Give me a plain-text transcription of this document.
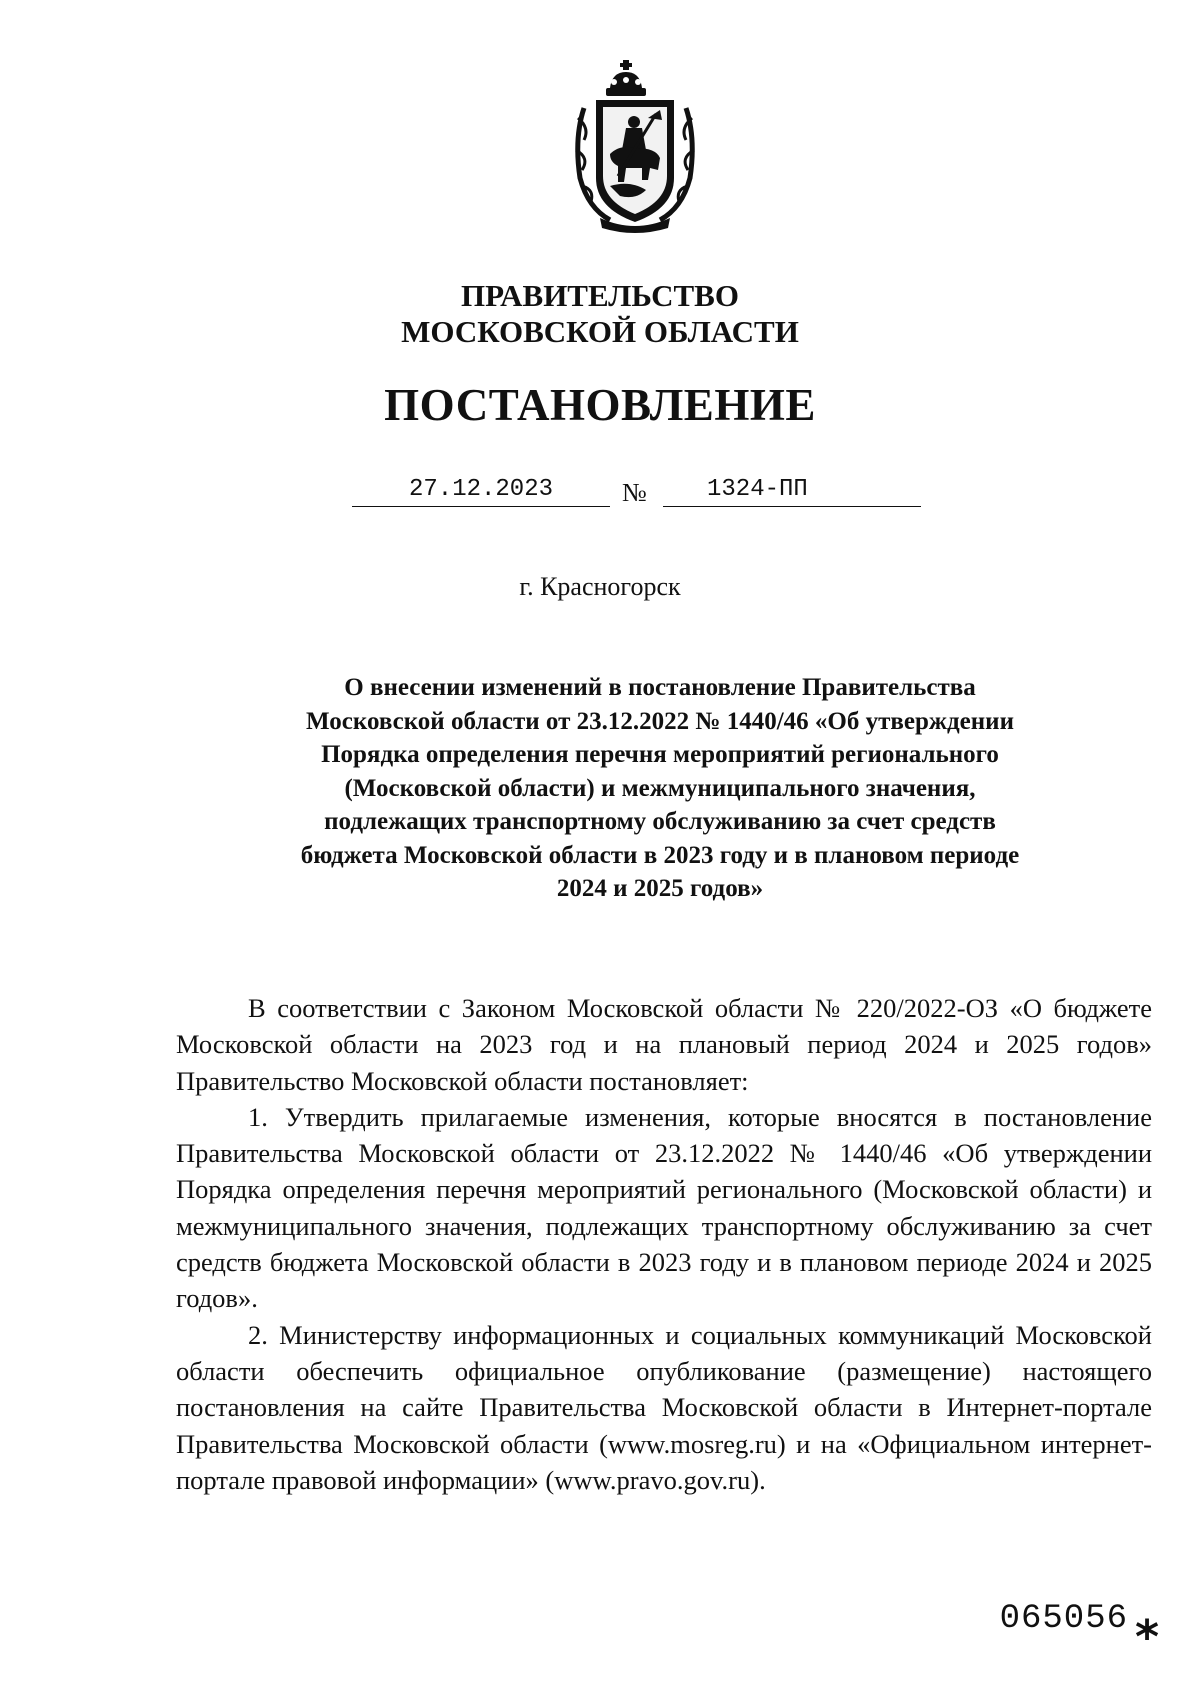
ПРАВИТЕЛЬСТВО
МОСКОВСКОЙ ОБЛАСТИ
ПОСТАНОВЛЕНИЕ
27.12.2023	№	1324-ПП
г. Красногорск
О внесении изменений в постановление Правительства
Московской области от 23.12.2022 № 1440/46 «Об утверждении
Порядка определения перечня мероприятий регионального
(Московской области) и межмуниципального значения,
подлежащих транспортному обслуживанию за счет средств
бюджета Московской области в 2023 году и в плановом периоде
2024 и 2025 годов»

В соответствии с Законом Московской области № 220/2022-ОЗ «О бюджете Московской области на 2023 год и на плановый период 2024 и 2025 годов» Правительство Московской области постановляет:

1. Утвердить прилагаемые изменения, которые вносятся в постановление Правительства Московской области от 23.12.2022 № 1440/46 «Об утверждении Порядка определения перечня мероприятий регионального (Московской области) и межмуниципального значения, подлежащих транспортному обслуживанию за счет средств бюджета Московской области в 2023 году и в плановом периоде 2024 и 2025 годов».

2. Министерству информационных и социальных коммуникаций Московской области обеспечить официальное опубликование (размещение) настоящего постановления на сайте Правительства Московской области в Интернет-портале Правительства Московской области (www.mosreg.ru) и на «Официальном интернет-портале правовой информации» (www.pravo.gov.ru).

065056 *
